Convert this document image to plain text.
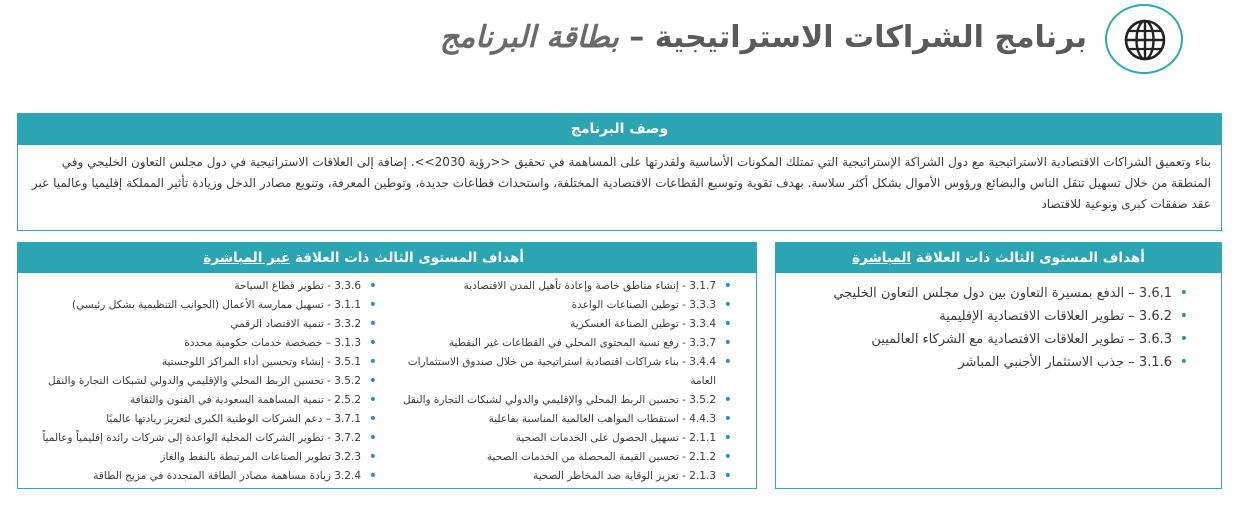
برنامج الشراكات الاستراتيجية – بطاقة البرنامج
وصف البرنامج

بناء وتعميق الشراكات الاقتصادية الاستراتيجية مع دول الشراكة الإستراتيجية التي تمتلك المكونات الأساسية ولقدرتها على المساهمة في تحقيق <<رؤية 2030>>. إضافة إلى العلاقات الاستراتيجية في دول مجلس التعاون الخليجي وفي المنطقة من خلال تسهيل تنقل الناس والبضائع ورؤوس الأموال بشكل أكثر سلاسة. بهدف تقوية وتوسيع القطاعات الاقتصادية المختلفة، واستحداث قطاعات جديدة، وتوطين المعرفة، وتنويع مصادر الدخل وزيادة تأثير المملكة إقليميا وعالميا عبر عقد صفقات كبرى ونوعية للاقتصاد

أهداف المستوى الثالث ذات العلاقة المباشرة
• 3.6.1 – الدفع بمسيرة التعاون بين دول مجلس التعاون الخليجي
• 3.6.2 – تطوير العلاقات الاقتصادية الإقليمية
• 3.6.3 – تطوير العلاقات الاقتصادية مع الشركاء العالميين
• 3.1.6 – جذب الاستثمار الأجنبي المباشر
أهداف المستوى الثالث ذات العلاقة غير المباشرة
• 3.1.7 - إنشاء مناطق خاصة وإعادة تأهيل المدن الاقتصادية
• 3.3.3 - توطين الصناعات الواعدة
• 3.3.4 - توطين الصناعة العسكرية
• 3.3.7 - رفع نسبة المحتوى المحلي في القطاعات غير النفطية
• 3.4.4 - بناء شراكات اقتصادية استراتيجية من خلال صندوق الاستثمارات العامة
• 3.5.2 - تحسين الربط المحلي والإقليمي والدولي لشبكات التجارة والنقل
• 4.4.3 - استقطاب المواهب العالمية المناسبة بفاعلية
• 2.1.1 - تسهيل الحصول على الخدمات الصحية
• 2.1.2 - تحسين القيمة المحصلة من الخدمات الصحية
• 2.1.3 - تعزيز الوقاية ضد المخاطر الصحية
• 3.3.6 - تطوير قطاع السياحة
• 3.1.1 - تسهيل ممارسة الأعمال (الجوانب التنظيمية بشكل رئيسي)
• 3.3.2 - تنمية الاقتصاد الرقمي
• 3.1.3 – خصخصة خدمات حكومية محددة
• 3.5.1 - إنشاء وتحسين أداء المراكز اللوجستية
• 3.5.2 - تحسين الربط المحلي والإقليمي والدولي لشبكات التجارة والنقل
• 2.5.2 - تنمية المساهمة السعودية في الفنون والثقافة
• 3.7.1 – دعم الشركات الوطنية الكبرى لتعزيز ريادتها عالميًا
• 3.7.2 - تطوير الشركات المحلية الواعدة إلى شركات رائدة إقليمياً وعالمياً
• 3.2.3 تطوير الصناعات المرتبطة بالنفط والغاز
• 3.2.4 زيادة مساهمة مصادر الطاقة المتجددة في مزيج الطاقة
